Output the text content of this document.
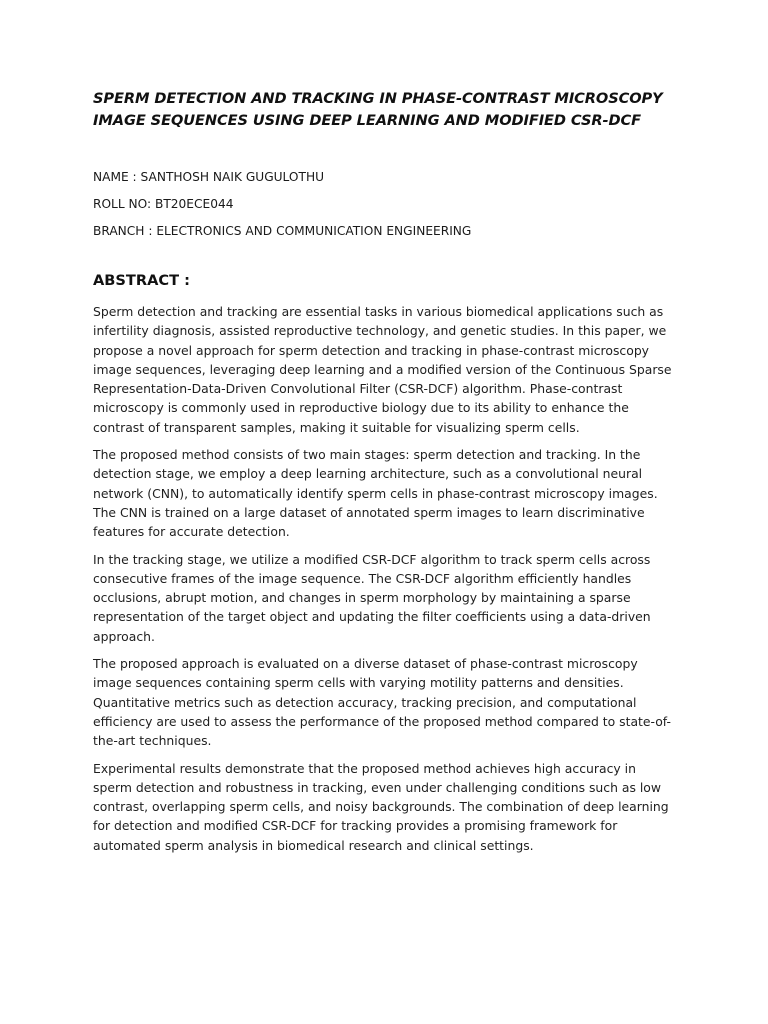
SPERM DETECTION AND TRACKING IN PHASE-CONTRAST MICROSCOPY IMAGE SEQUENCES USING DEEP LEARNING AND MODIFIED CSR-DCF

NAME : SANTHOSH NAIK GUGULOTHU

ROLL NO: BT20ECE044

BRANCH : ELECTRONICS AND COMMUNICATION ENGINEERING

ABSTRACT :

Sperm detection and tracking are essential tasks in various biomedical applications such as infertility diagnosis, assisted reproductive technology, and genetic studies. In this paper, we propose a novel approach for sperm detection and tracking in phase-contrast microscopy image sequences, leveraging deep learning and a modified version of the Continuous Sparse Representation-Data-Driven Convolutional Filter (CSR-DCF) algorithm. Phase-contrast microscopy is commonly used in reproductive biology due to its ability to enhance the contrast of transparent samples, making it suitable for visualizing sperm cells.

The proposed method consists of two main stages: sperm detection and tracking. In the detection stage, we employ a deep learning architecture, such as a convolutional neural network (CNN), to automatically identify sperm cells in phase-contrast microscopy images. The CNN is trained on a large dataset of annotated sperm images to learn discriminative features for accurate detection.

In the tracking stage, we utilize a modified CSR-DCF algorithm to track sperm cells across consecutive frames of the image sequence. The CSR-DCF algorithm efficiently handles occlusions, abrupt motion, and changes in sperm morphology by maintaining a sparse representation of the target object and updating the filter coefficients using a data-driven approach.

The proposed approach is evaluated on a diverse dataset of phase-contrast microscopy image sequences containing sperm cells with varying motility patterns and densities. Quantitative metrics such as detection accuracy, tracking precision, and computational efficiency are used to assess the performance of the proposed method compared to state-of-the-art techniques.

Experimental results demonstrate that the proposed method achieves high accuracy in sperm detection and robustness in tracking, even under challenging conditions such as low contrast, overlapping sperm cells, and noisy backgrounds. The combination of deep learning for detection and modified CSR-DCF for tracking provides a promising framework for automated sperm analysis in biomedical research and clinical settings.
